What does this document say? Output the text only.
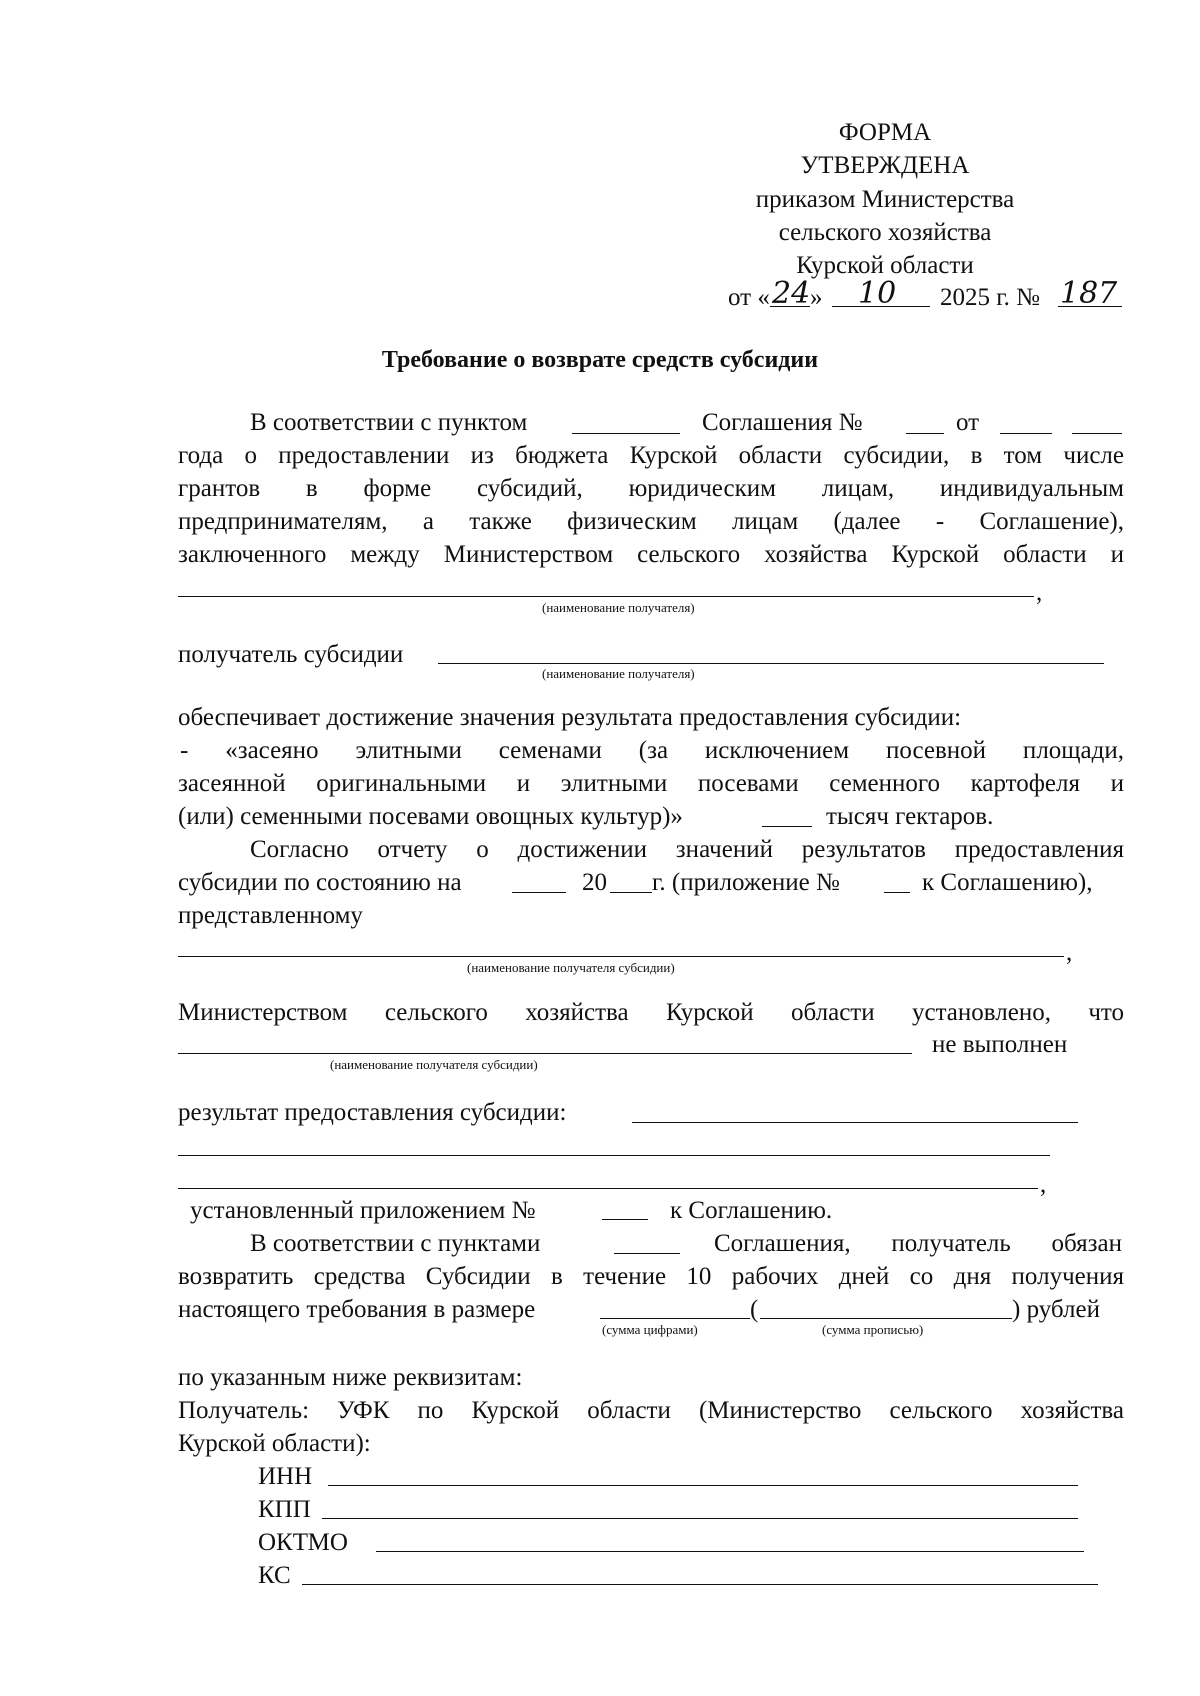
ФОРМА
УТВЕРЖДЕНА
приказом Министерства
сельского хозяйства
Курской области
от « 24 » 10 2025 г. № 187
Требование о возврате средств субсидии
В соответствии с пунктом	Соглашения №	от
года о предоставлении из бюджета Курской области субсидии, в том числе
грантов в форме субсидий, юридическим лицам, индивидуальным
предпринимателям, а также физическим лицам (далее - Соглашение),
заключенного между Министерством сельского хозяйства Курской области и
,
(наименование получателя)
получатель субсидии
(наименование получателя)
обеспечивает достижение значения результата предоставления субсидии:
- «засеяно элитными семенами (за исключением посевной площади,
засеянной оригинальными и элитными посевами семенного картофеля и
(или) семенными посевами овощных культур)»	тысяч гектаров.
Согласно отчету о достижении значений результатов предоставления
субсидии по состоянию на	20 г. (приложение №	к Соглашению),
представленному
,
(наименование получателя субсидии)
Министерством сельского хозяйства Курской области установлено, что
не выполнен
(наименование получателя субсидии)
результат предоставления субсидии:
,
установленный приложением №	к Соглашению.
В соответствии с пунктами	Соглашения, получатель обязан
возвратить средства Субсидии в течение 10 рабочих дней со дня получения
настоящего требования в размере	(	) рублей
(сумма цифрами)	(сумма прописью)
по указанным ниже реквизитам:
Получатель: УФК по Курской области (Министерство сельского хозяйства
Курской области):
ИНН
КПП
ОКТМО
КС
